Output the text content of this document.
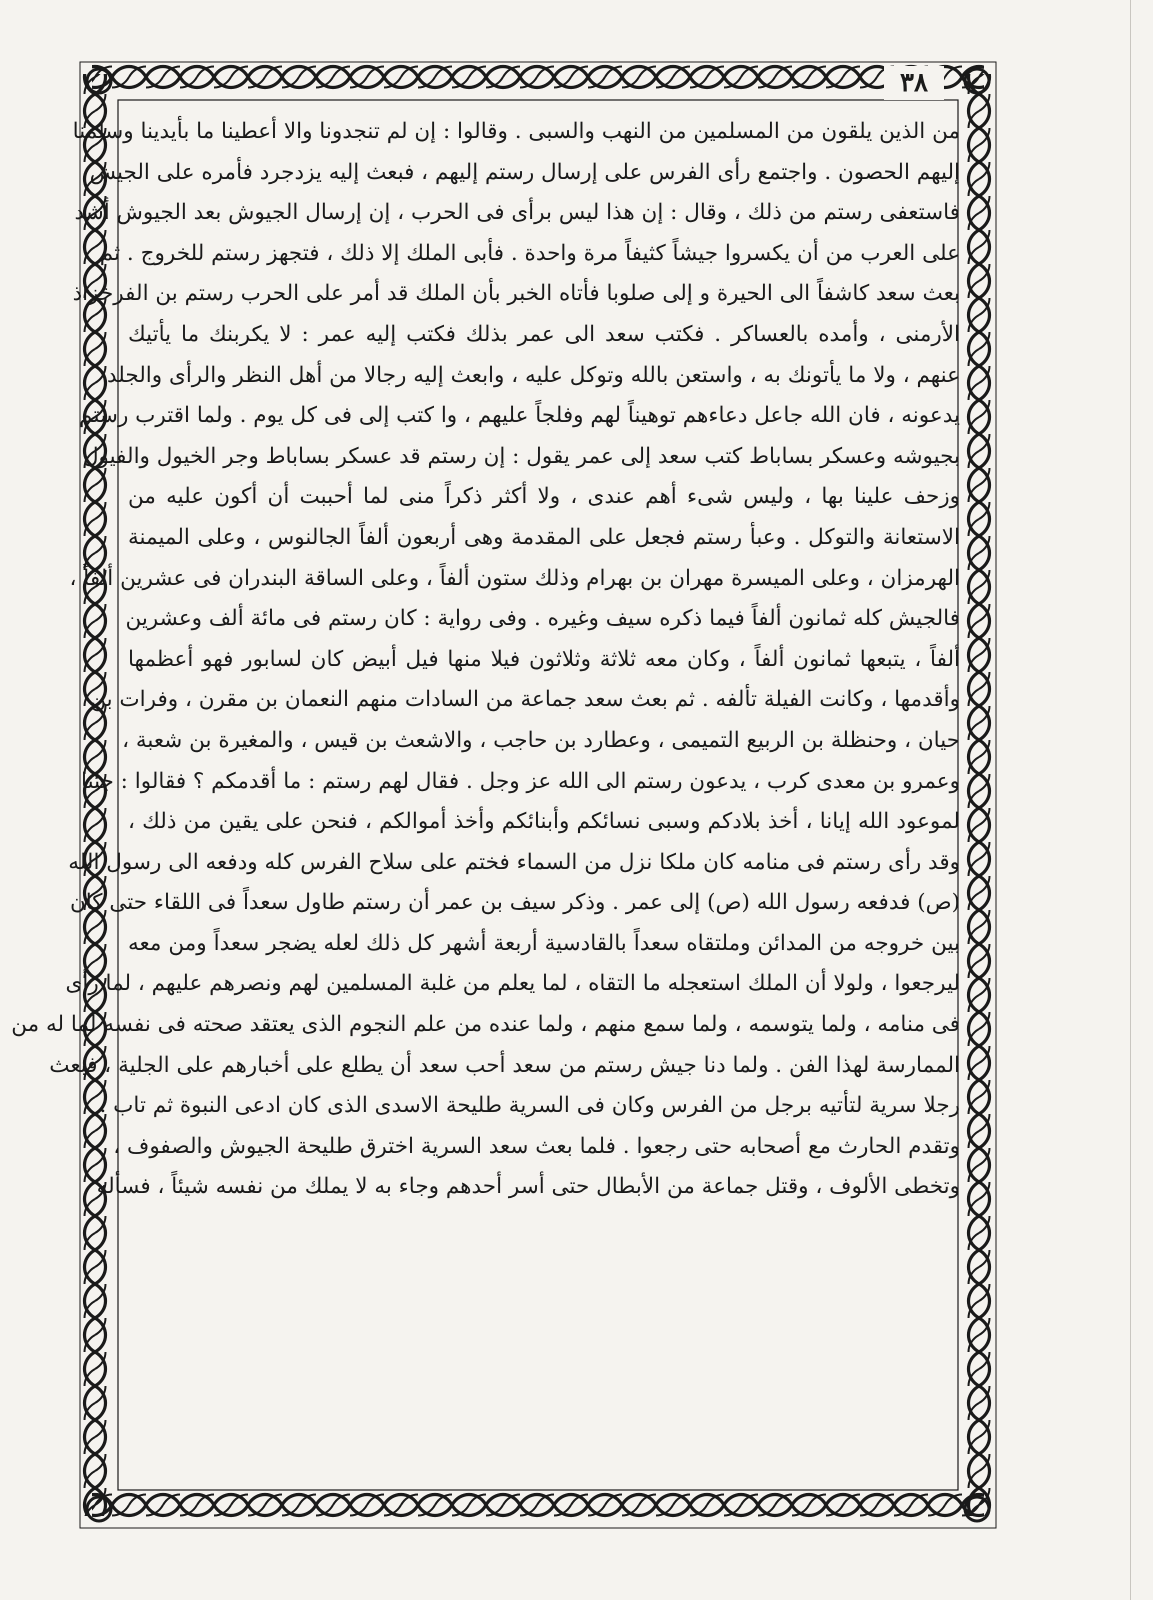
٣٨
من الذين يلقون من المسلمين من النهب والسبى . وقالوا : إن لم تنجدونا والا أعطينا ما بأيدينا وسلمنا
إليهم الحصون . واجتمع رأى الفرس على إرسال رستم إليهم ، فبعث إليه يزدجرد فأمره على الجيش
فاستعفى رستم من ذلك ، وقال : إن هذا ليس برأى فى الحرب ، إن إرسال الجيوش بعد الجيوش أشد
على العرب من أن يكسروا جيشاً كثيفاً مرة واحدة . فأبى الملك إلا ذلك ، فتجهز رستم للخروج . ثم
بعث سعد كاشفاً الى الحيرة و إلى صلوبا فأتاه الخبر بأن الملك قد أمر على الحرب رستم بن الفرخزاذ
الأرمنى ، وأمده بالعساكر . فكتب سعد الى عمر بذلك فكتب إليه عمر : لا يكربنك ما يأتيك
عنهم ، ولا ما يأتونك به ، واستعن بالله وتوكل عليه ، وابعث إليه رجالا من أهل النظر والرأى والجلد
يدعونه ، فان الله جاعل دعاءهم توهيناً لهم وفلجاً عليهم ، وا كتب إلى فى كل يوم . ولما اقترب رستم
بجيوشه وعسكر بساباط كتب سعد إلى عمر يقول : إن رستم قد عسكر بساباط وجر الخيول والفيول
وزحف علينا بها ، وليس شىء أهم عندى ، ولا أكثر ذكراً منى لما أحببت أن أكون عليه من
الاستعانة والتوكل . وعبأ رستم فجعل على المقدمة وهى أربعون ألفاً الجالنوس ، وعلى الميمنة
الهرمزان ، وعلى الميسرة مهران بن بهرام وذلك ستون ألفاً ، وعلى الساقة البندران فى عشرين ألفاً ،
فالجيش كله ثمانون ألفاً فيما ذكره سيف وغيره . وفى رواية : كان رستم فى مائة ألف وعشرين
ألفاً ، يتبعها ثمانون ألفاً ، وكان معه ثلاثة وثلاثون فيلا منها فيل أبيض كان لسابور فهو أعظمها
وأقدمها ، وكانت الفيلة تألفه . ثم بعث سعد جماعة من السادات منهم النعمان بن مقرن ، وفرات بن
حيان ، وحنظلة بن الربيع التميمى ، وعطارد بن حاجب ، والاشعث بن قيس ، والمغيرة بن شعبة ،
وعمرو بن معدى كرب ، يدعون رستم الى الله عز وجل . فقال لهم رستم : ما أقدمكم ؟ فقالوا : جئنا
لموعود الله إيانا ، أخذ بلادكم وسبى نسائكم وأبنائكم وأخذ أموالكم ، فنحن على يقين من ذلك ،
وقد رأى رستم فى منامه كان ملكا نزل من السماء فختم على سلاح الفرس كله ودفعه الى رسول الله
(ص) فدفعه رسول الله (ص) إلى عمر . وذكر سيف بن عمر أن رستم طاول سعداً فى اللقاء حتى كان
بين خروجه من المدائن وملتقاه سعداً بالقادسية أربعة أشهر كل ذلك لعله يضجر سعداً ومن معه
ليرجعوا ، ولولا أن الملك استعجله ما التقاه ، لما يعلم من غلبة المسلمين لهم ونصرهم عليهم ، لما رأى
فى منامه ، ولما يتوسمه ، ولما سمع منهم ، ولما عنده من علم النجوم الذى يعتقد صحته فى نفسه لما له من
الممارسة لهذا الفن . ولما دنا جيش رستم من سعد أحب سعد أن يطلع على أخبارهم على الجلية ، فبعث
رجلا سرية لتأتيه برجل من الفرس وكان فى السرية طليحة الاسدى الذى كان ادعى النبوة ثم تاب .
وتقدم الحارث مع أصحابه حتى رجعوا . فلما بعث سعد السرية اخترق طليحة الجيوش والصفوف ،
وتخطى الألوف ، وقتل جماعة من الأبطال حتى أسر أحدهم وجاء به لا يملك من نفسه شيئاً ، فسأله
